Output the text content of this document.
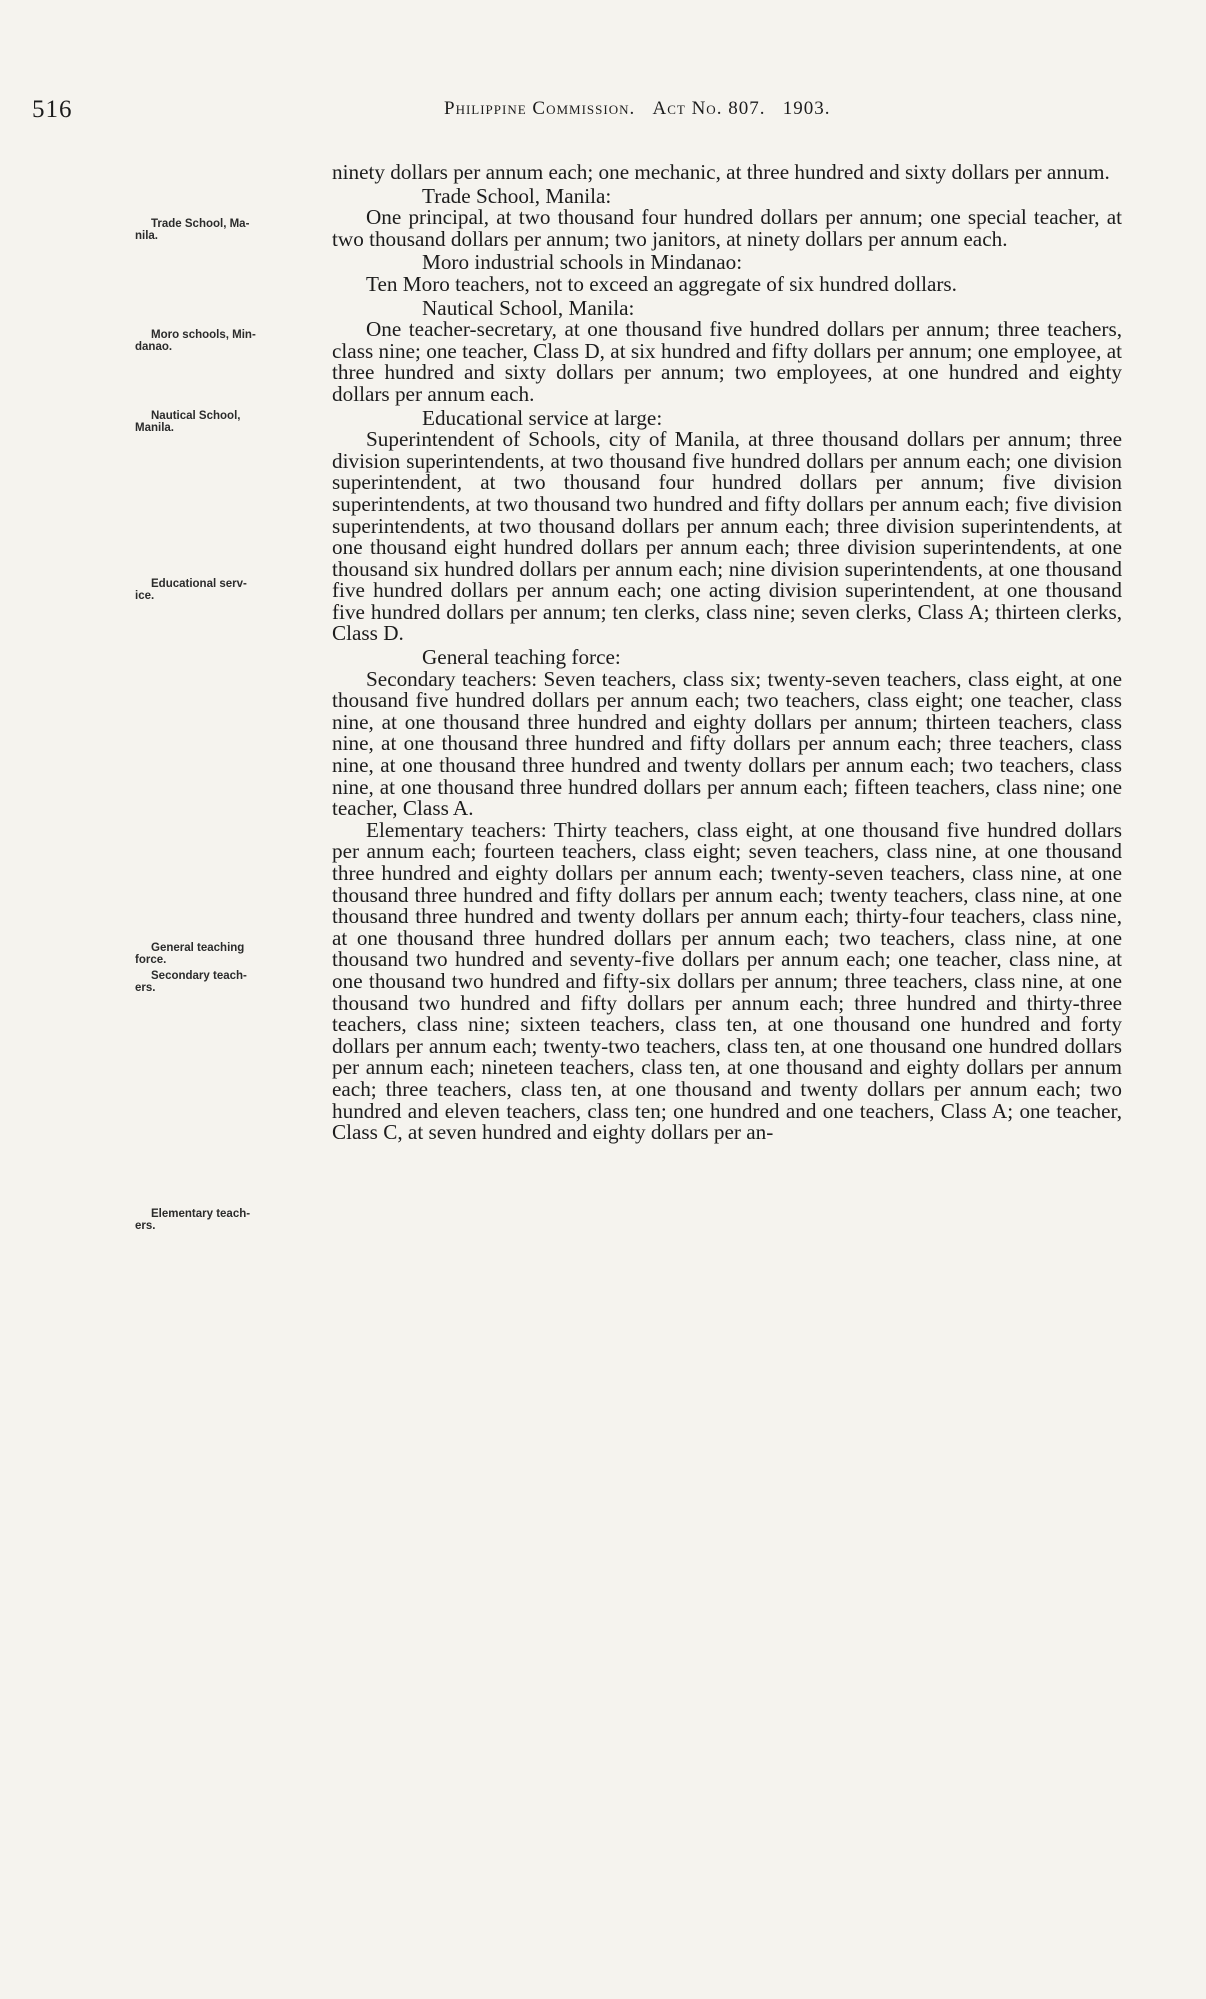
516	Philippine Commission. Act No. 807. 1903.
Trade School, Ma-
nila.
Moro schools, Min-
danao.
Nautical School,
Manila.
Educational serv-
ice.
General teaching
force.
Secondary teach-
ers.
Elementary teach-
ers.

ninety dollars per annum each; one mechanic, at three hundred and sixty dollars per annum.

Trade School, Manila:

One principal, at two thousand four hundred dollars per annum; one special teacher, at two thousand dollars per annum; two janitors, at ninety dollars per annum each.

Moro industrial schools in Mindanao:

Ten Moro teachers, not to exceed an aggregate of six hundred dollars.

Nautical School, Manila:

One teacher-secretary, at one thousand five hundred dollars per annum; three teachers, class nine; one teacher, Class D, at six hundred and fifty dollars per annum; one employee, at three hundred and sixty dollars per annum; two employees, at one hundred and eighty dollars per annum each.

Educational service at large:

Superintendent of Schools, city of Manila, at three thousand dollars per annum; three division superintendents, at two thousand five hundred dollars per annum each; one division superintendent, at two thousand four hundred dollars per annum; five division superintendents, at two thousand two hundred and fifty dollars per annum each; five division superintendents, at two thousand dollars per annum each; three division superintendents, at one thousand eight hundred dollars per annum each; three division superintendents, at one thousand six hundred dollars per annum each; nine division superintendents, at one thousand five hundred dollars per annum each; one acting division superintendent, at one thousand five hundred dollars per annum; ten clerks, class nine; seven clerks, Class A; thirteen clerks, Class D.

General teaching force:

Secondary teachers: Seven teachers, class six; twenty-seven teachers, class eight, at one thousand five hundred dollars per annum each; two teachers, class eight; one teacher, class nine, at one thousand three hundred and eighty dollars per annum; thirteen teachers, class nine, at one thousand three hundred and fifty dollars per annum each; three teachers, class nine, at one thousand three hundred and twenty dollars per annum each; two teachers, class nine, at one thousand three hundred dollars per annum each; fifteen teachers, class nine; one teacher, Class A.

Elementary teachers: Thirty teachers, class eight, at one thousand five hundred dollars per annum each; fourteen teachers, class eight; seven teachers, class nine, at one thousand three hundred and eighty dollars per annum each; twenty-seven teachers, class nine, at one thousand three hundred and fifty dollars per annum each; twenty teachers, class nine, at one thousand three hundred and twenty dollars per annum each; thirty-four teachers, class nine, at one thousand three hundred dollars per annum each; two teachers, class nine, at one thousand two hundred and seventy-five dollars per annum each; one teacher, class nine, at one thousand two hundred and fifty-six dollars per annum; three teachers, class nine, at one thousand two hundred and fifty dollars per annum each; three hundred and thirty-three teachers, class nine; sixteen teachers, class ten, at one thousand one hundred and forty dollars per annum each; twenty-two teachers, class ten, at one thousand one hundred dollars per annum each; nineteen teachers, class ten, at one thousand and eighty dollars per annum each; three teachers, class ten, at one thousand and twenty dollars per annum each; two hundred and eleven teachers, class ten; one hundred and one teachers, Class A; one teacher, Class C, at seven hundred and eighty dollars per an-
